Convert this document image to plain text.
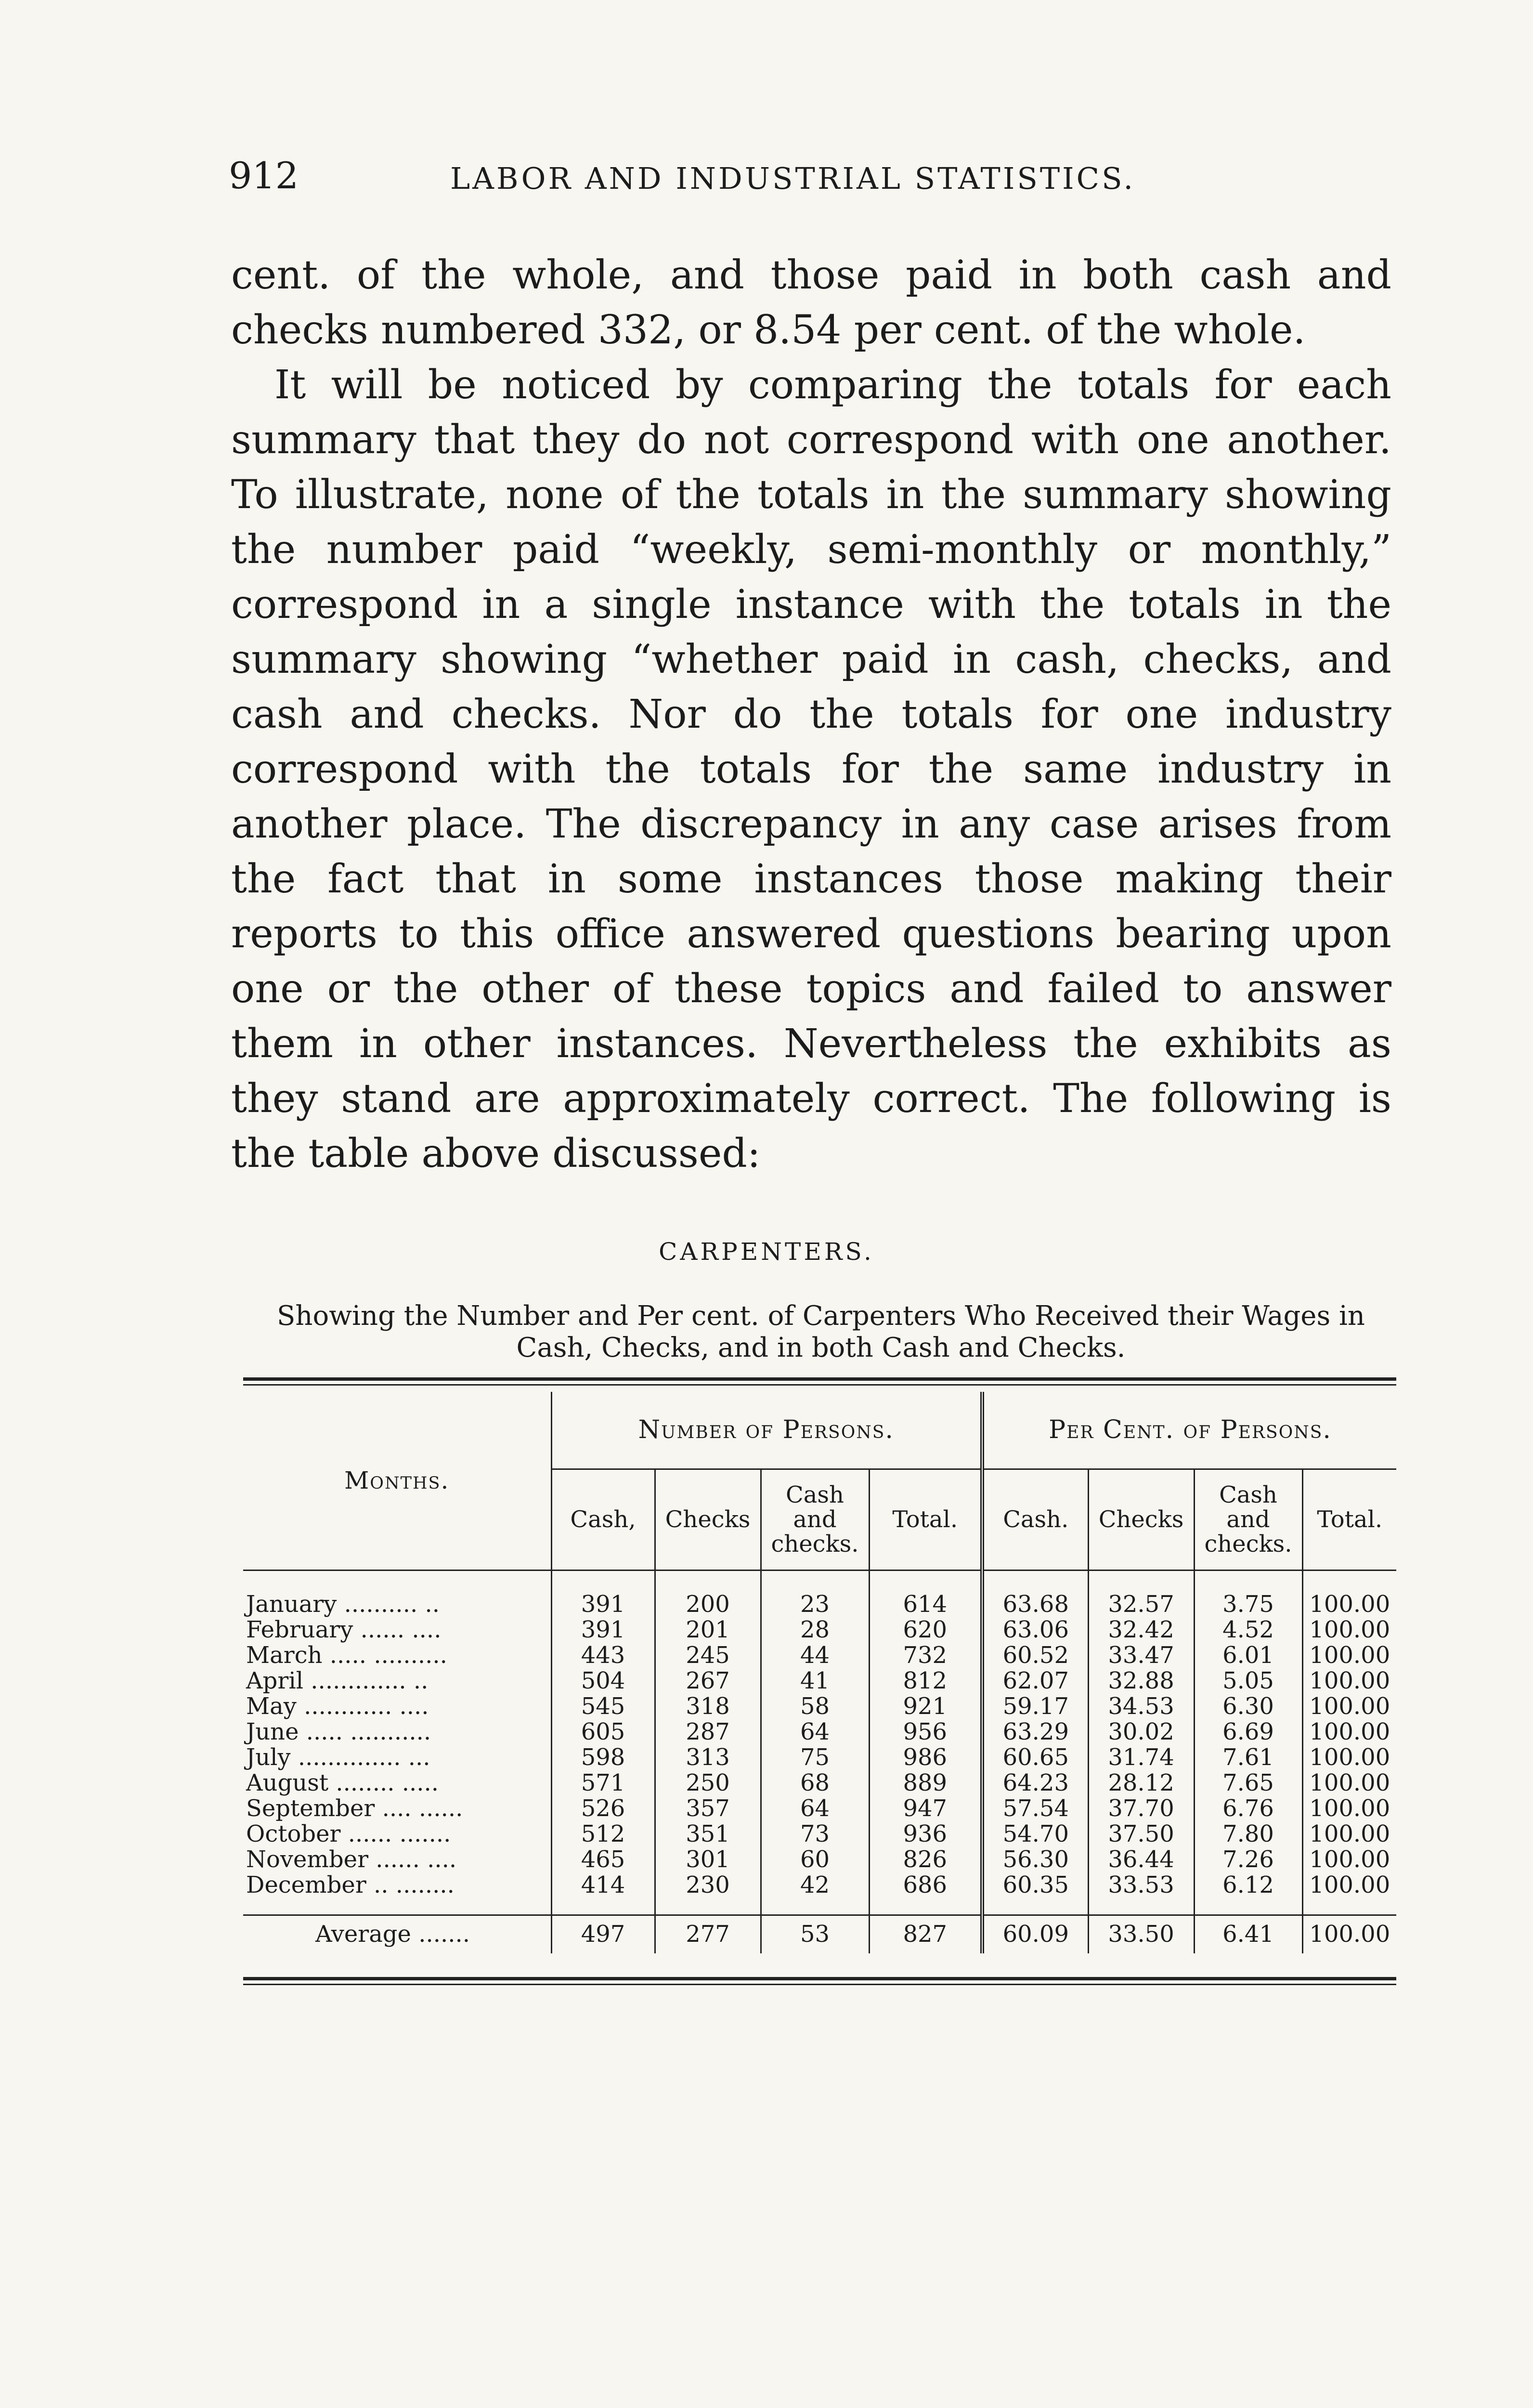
912	LABOR AND INDUSTRIAL STATISTICS.

cent. of the whole, and those paid in both cash and checks numbered 332, or 8.54 per cent. of the whole.

It will be noticed by comparing the totals for each summary that they do not correspond with one another. To illustrate, none of the totals in the summary showing the number paid “weekly, semi-monthly or monthly,” correspond in a single instance with the totals in the summary showing “whether paid in cash, checks, and cash and checks. Nor do the totals for one industry correspond with the totals for the same industry in another place. The discrepancy in any case arises from the fact that in some instances those making their reports to this office answered questions bearing upon one or the other of these topics and failed to answer them in other instances. Nevertheless the exhibits as they stand are approximately correct. The following is the table above discussed:

CARPENTERS.
Showing the Number and Per cent. of Carpenters Who Received their Wages in Cash, Checks, and in both Cash and Checks.
Months.	Number of Persons.				Per Cent. of Persons.			
	Cash,	Checks	Cash and checks.	Total.	Cash.	Checks	Cash and checks.	Total.

January .......... ..	391	200	23	614	63.68	32.57	3.75	100.00
February ...... ....	391	201	28	620	63.06	32.42	4.52	100.00
March ..... ..........	443	245	44	732	60.52	33.47	6.01	100.00
April ............. ..	504	267	41	812	62.07	32.88	5.05	100.00
May ............ ....	545	318	58	921	59.17	34.53	6.30	100.00
June ..... ...........	605	287	64	956	63.29	30.02	6.69	100.00
July .............. ...	598	313	75	986	60.65	31.74	7.61	100.00
August ........ .....	571	250	68	889	64.23	28.12	7.65	100.00
September .... ......	526	357	64	947	57.54	37.70	6.76	100.00
October ...... .......	512	351	73	936	54.70	37.50	7.80	100.00
November ...... ....	465	301	60	826	56.30	36.44	7.26	100.00
December .. ........	414	230	42	686	60.35	33.53	6.12	100.00

Average .......	497	277	53	827	60.09	33.50	6.41	100.00
